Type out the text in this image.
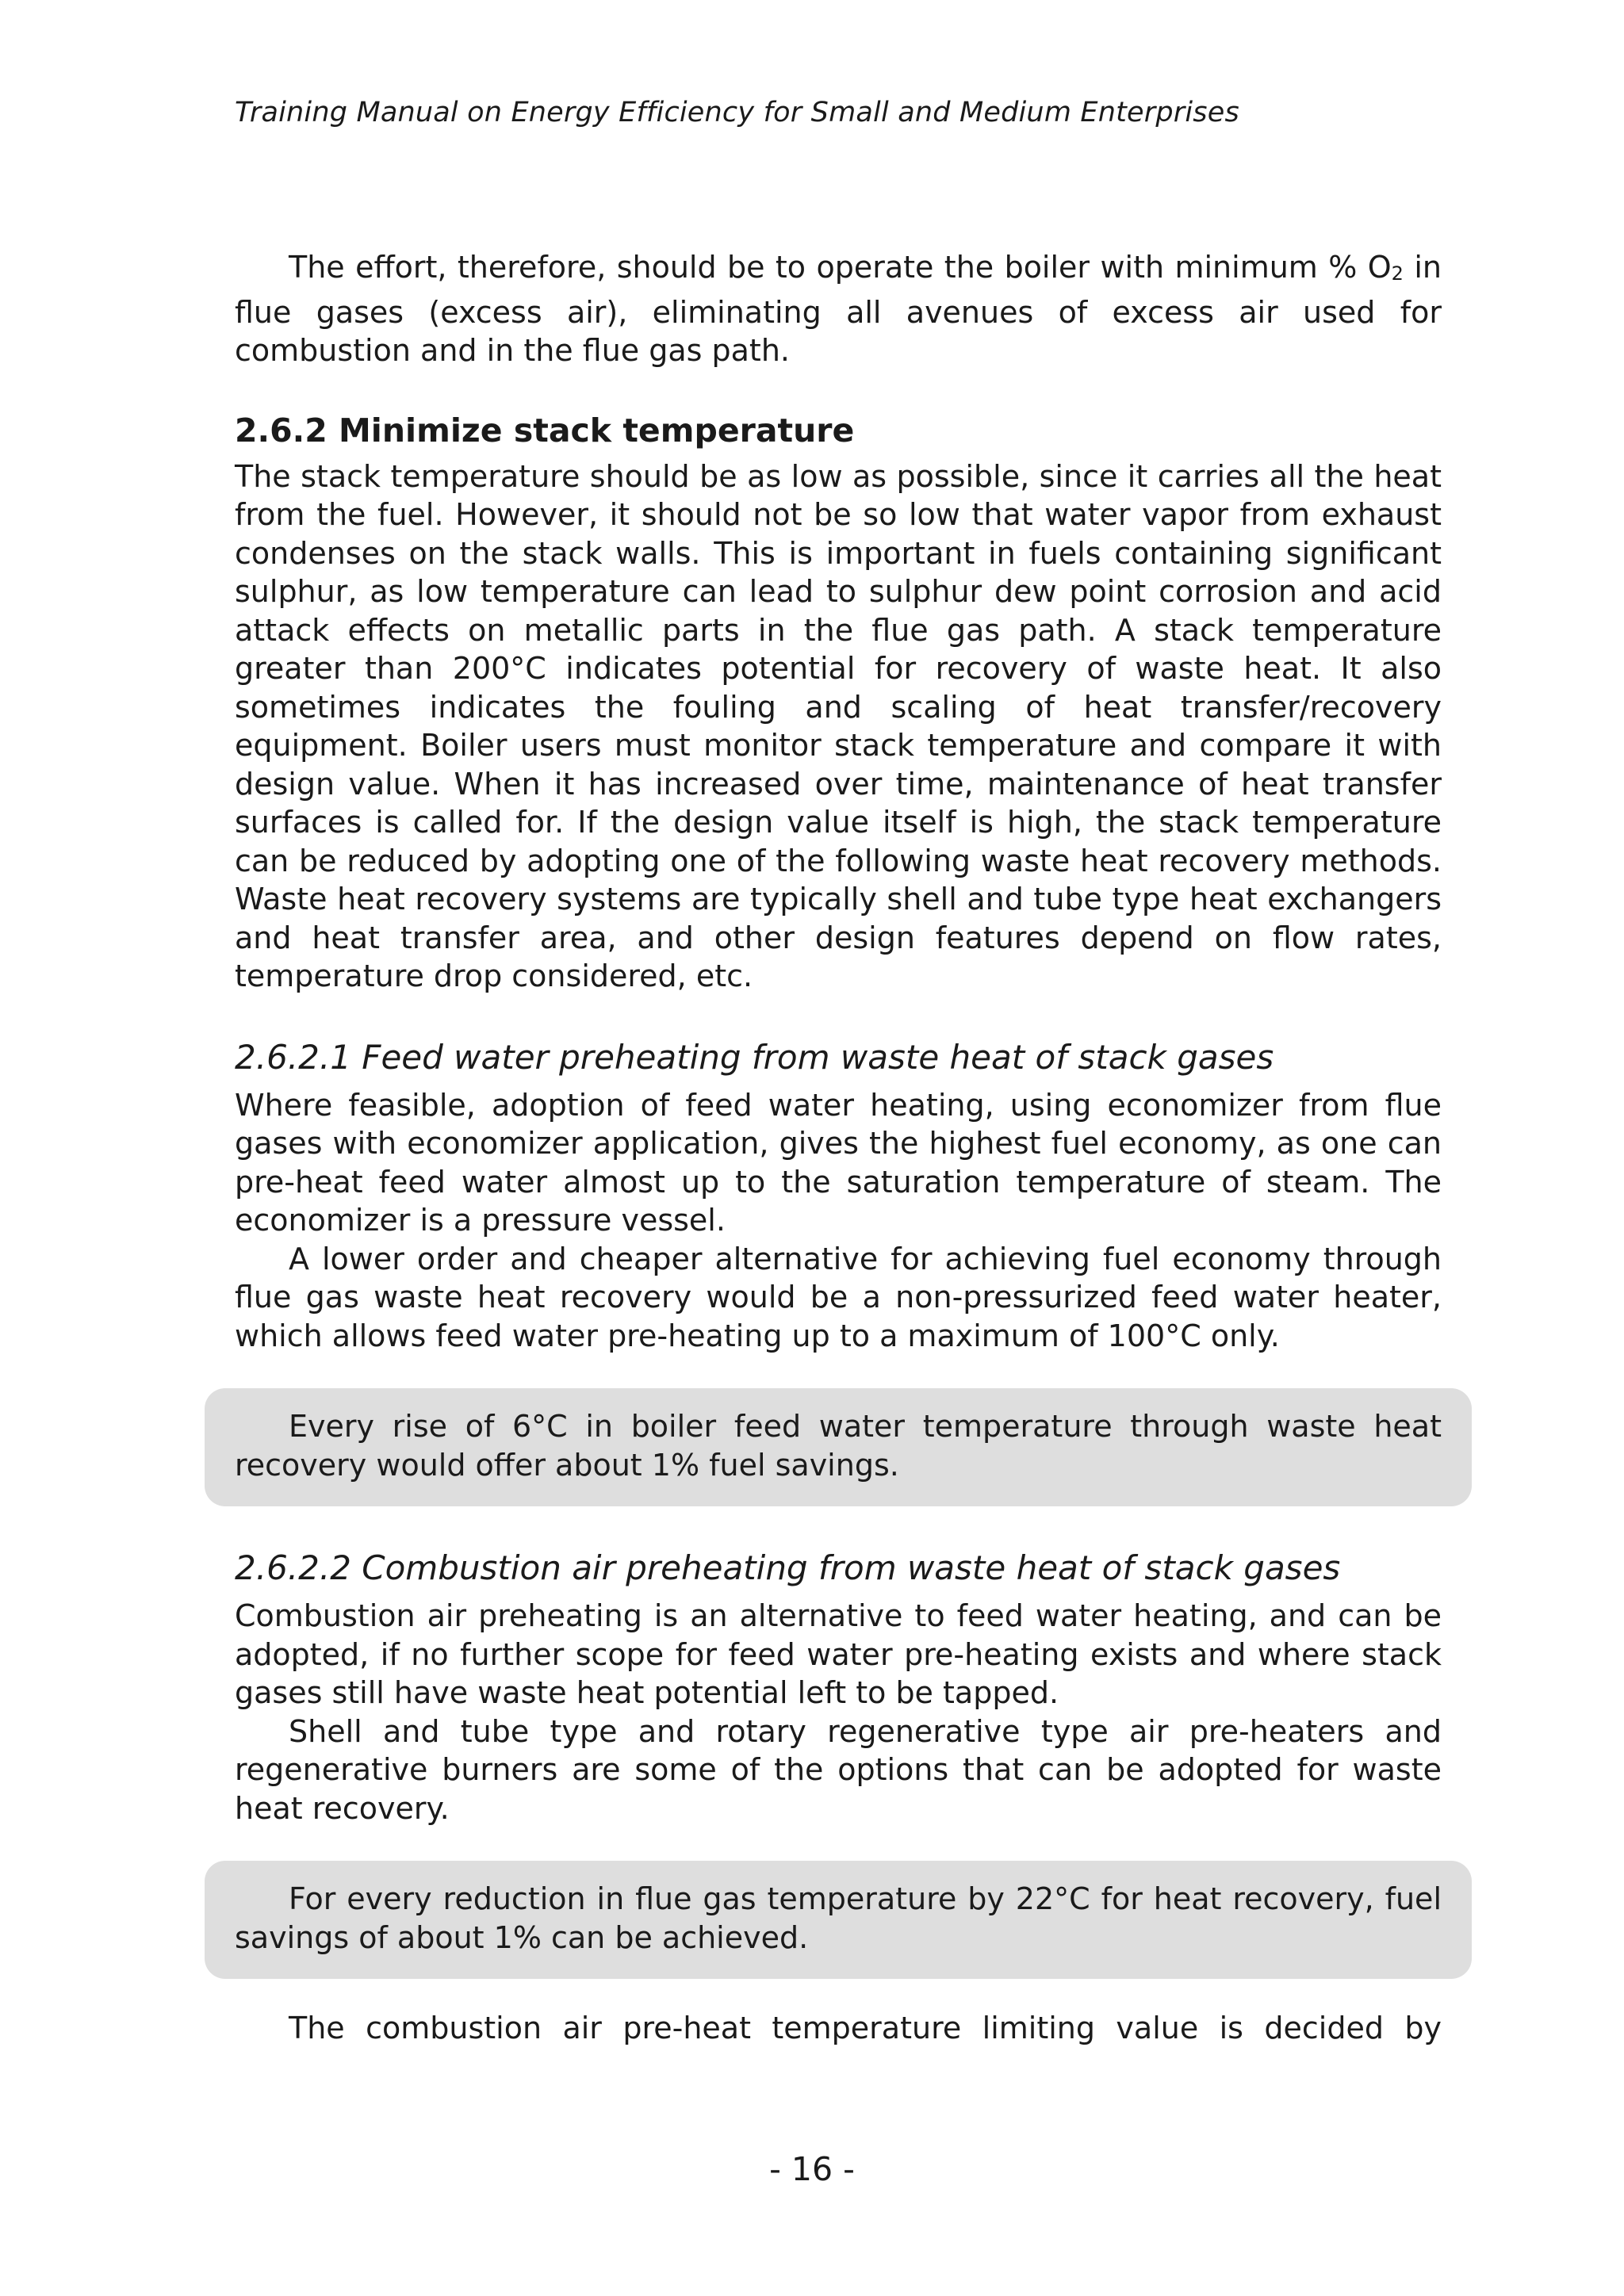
Training Manual on Energy Efficiency for Small and Medium Enterprises

The effort, therefore, should be to operate the boiler with minimum % O2 in flue gases (excess air), eliminating all avenues of excess air used for combustion and in the flue gas path.

2.6.2 Minimize stack temperature

The stack temperature should be as low as possible, since it carries all the heat from the fuel. However, it should not be so low that water vapor from exhaust condenses on the stack walls. This is important in fuels containing significant sulphur, as low temperature can lead to sulphur dew point corrosion and acid attack effects on metallic parts in the flue gas path. A stack temperature greater than 200°C indicates potential for recovery of waste heat. It also sometimes indicates the fouling and scaling of heat transfer/recovery equipment. Boiler users must monitor stack temperature and compare it with design value. When it has increased over time, maintenance of heat transfer surfaces is called for. If the design value itself is high, the stack temperature can be reduced by adopting one of the following waste heat recovery methods. Waste heat recovery systems are typically shell and tube type heat exchangers and heat transfer area, and other design features depend on flow rates, temperature drop considered, etc.

2.6.2.1 Feed water preheating from waste heat of stack gases

Where feasible, adoption of feed water heating, using economizer from flue gases with economizer application, gives the highest fuel economy, as one can pre-heat feed water almost up to the saturation temperature of steam. The economizer is a pressure vessel.

A lower order and cheaper alternative for achieving fuel economy through flue gas waste heat recovery would be a non-pressurized feed water heater, which allows feed water pre-heating up to a maximum of 100°C only.

Every rise of 6°C in boiler feed water temperature through waste heat recovery would offer about 1% fuel savings.

2.6.2.2 Combustion air preheating from waste heat of stack gases

Combustion air preheating is an alternative to feed water heating, and can be adopted, if no further scope for feed water pre-heating exists and where stack gases still have waste heat potential left to be tapped.

Shell and tube type and rotary regenerative type air pre-heaters and regenerative burners are some of the options that can be adopted for waste heat recovery.

For every reduction in flue gas temperature by 22°C for heat recovery, fuel savings of about 1% can be achieved.

The combustion air pre-heat temperature limiting value is decided by

- 16 -
